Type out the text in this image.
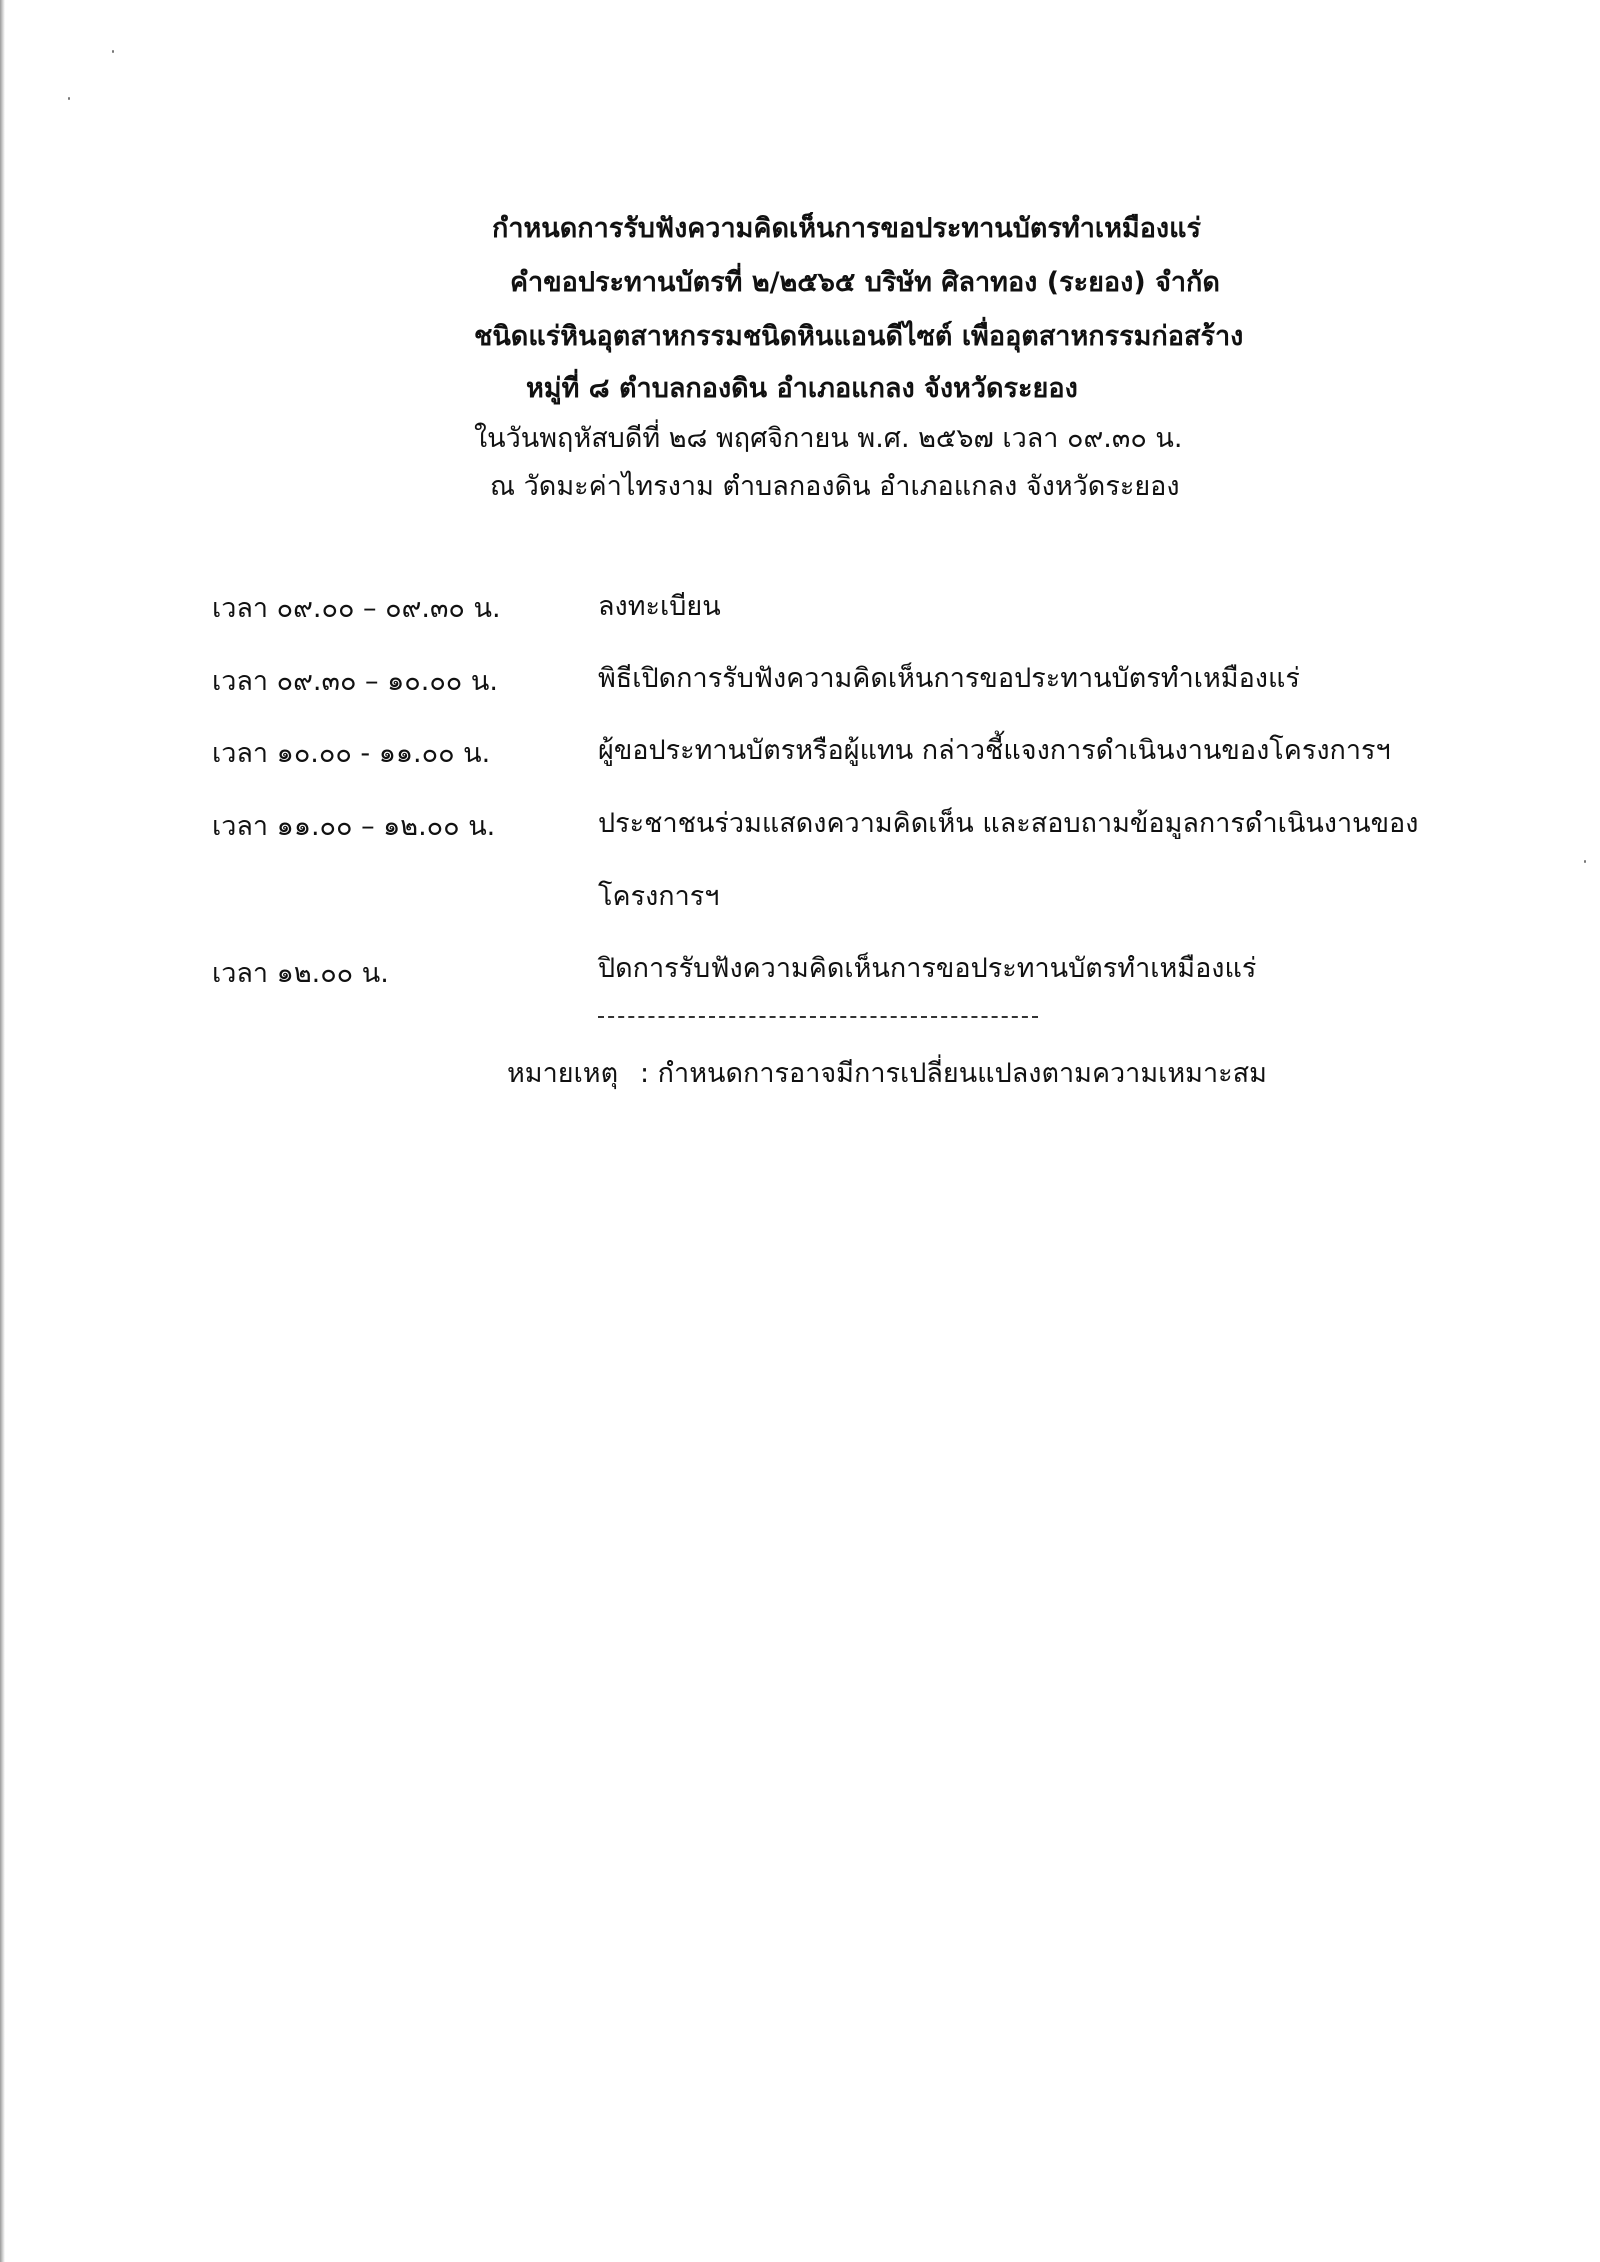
กำหนดการรับฟังความคิดเห็นการขอประทานบัตรทำเหมืองแร่
คำขอประทานบัตรที่ ๒/๒๕๖๕ บริษัท ศิลาทอง (ระยอง) จำกัด
ชนิดแร่หินอุตสาหกรรมชนิดหินแอนดีไซต์ เพื่ออุตสาหกรรมก่อสร้าง
หมู่ที่ ๘ ตำบลกองดิน อำเภอแกลง จังหวัดระยอง
ในวันพฤหัสบดีที่ ๒๘ พฤศจิกายน พ.ศ. ๒๕๖๗ เวลา ๐๙.๓๐ น.
ณ วัดมะค่าไทรงาม ตำบลกองดิน อำเภอแกลง จังหวัดระยอง
เวลา ๐๙.๐๐ – ๐๙.๓๐ น.	ลงทะเบียน
เวลา ๐๙.๓๐ – ๑๐.๐๐ น.	พิธีเปิดการรับฟังความคิดเห็นการขอประทานบัตรทำเหมืองแร่
เวลา ๑๐.๐๐ - ๑๑.๐๐ น.	ผู้ขอประทานบัตรหรือผู้แทน กล่าวชี้แจงการดำเนินงานของโครงการฯ
เวลา ๑๑.๐๐ – ๑๒.๐๐ น.	ประชาชนร่วมแสดงความคิดเห็น และสอบถามข้อมูลการดำเนินงานของ
โครงการฯ
เวลา ๑๒.๐๐ น.	ปิดการรับฟังความคิดเห็นการขอประทานบัตรทำเหมืองแร่
หมายเหตุ : กำหนดการอาจมีการเปลี่ยนแปลงตามความเหมาะสม
